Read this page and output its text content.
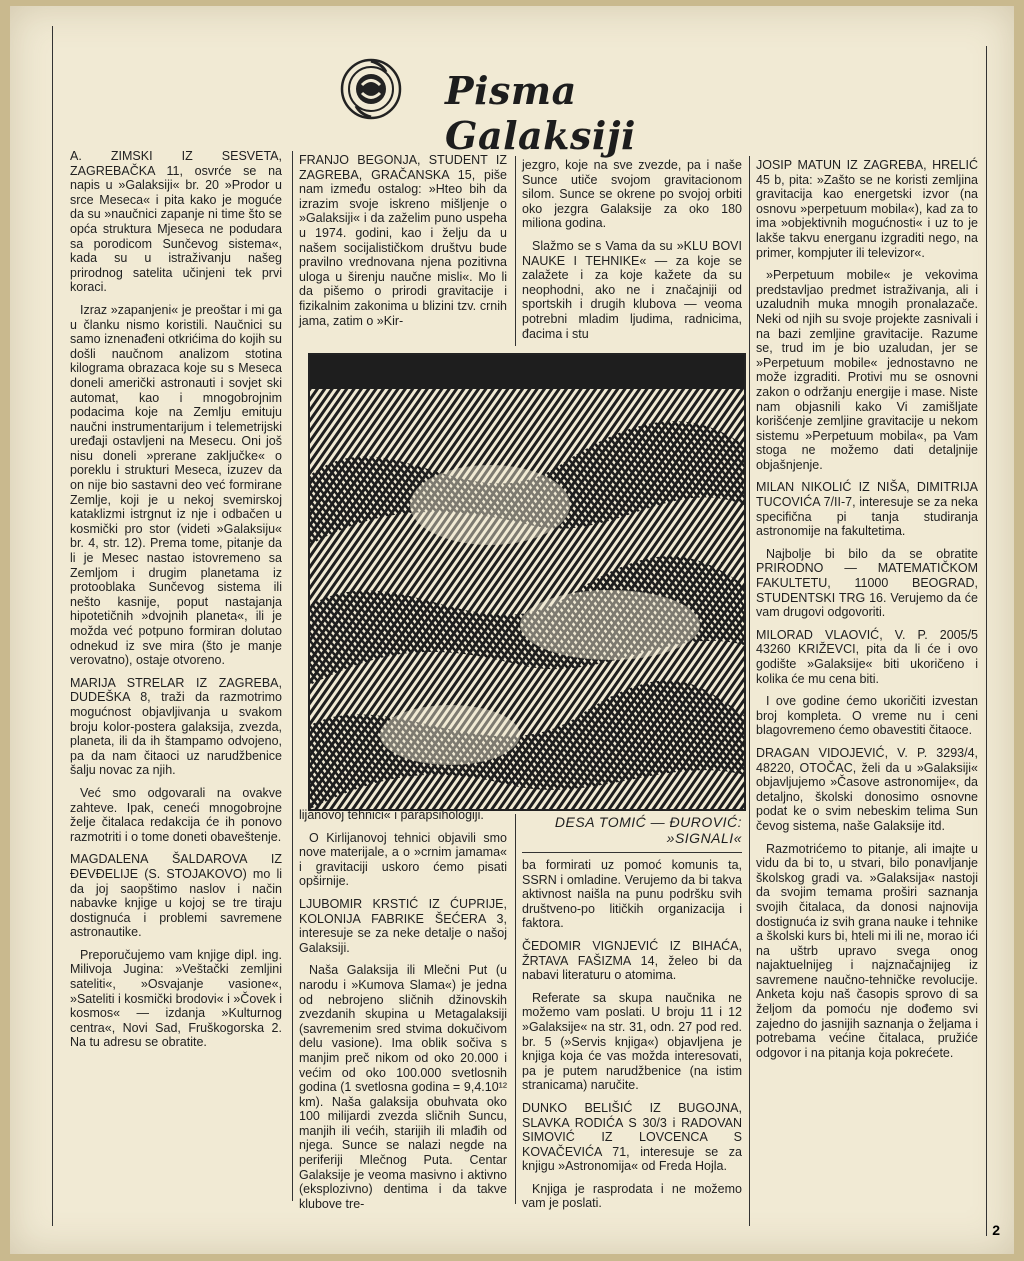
Pisma Galaksiji

A. ZIMSKI IZ SESVETA, ZAGREBAČKA 11, osvrće se na napis u »Galaksiji« br. 20 »Prodor u srce Meseca« i pita kako je moguće da su »naučnici zapanje ni time što se opća struktura Mjeseca ne podudara sa porodicom Sunčevog sistema«, kada su u istraživanju našeg prirodnog satelita učinjeni tek prvi koraci.

Izraz »zapanjeni« je preoštar i mi ga u članku nismo koristili. Naučnici su samo iznenađeni otkrićima do kojih su došli naučnom analizom stotina kilograma obrazaca koje su s Meseca doneli američki astronauti i sovjet ski automat, kao i mnogobrojnim podacima koje na Zemlju emituju naučni instrumentarijum i telemetrijski uređaji ostavljeni na Mesecu. Oni još nisu doneli »prerane zaključke« o poreklu i strukturi Meseca, izuzev da on nije bio sastavni deo već formirane Zemlje, koji je u nekoj svemirskoj kataklizmi istrgnut iz nje i odbačen u kosmički pro stor (videti »Galaksiju« br. 4, str. 12). Prema tome, pitanje da li je Mesec nastao istovremeno sa Zemljom i drugim planetama iz protooblaka Sunčevog sistema ili nešto kasnije, poput nastajanja hipotetičnih »dvojnih planeta«, ili je možda već potpuno formiran dolutao odnekud iz sve mira (što je manje verovatno), ostaje otvoreno.

MARIJA STRELAR IZ ZAGREBA, DUDEŠKA 8, traži da razmotrimo mogućnost objavljivanja u svakom broju kolor-postera galaksija, zvezda, planeta, ili da ih štampamo odvojeno, pa da nam čitaoci uz narudžbenice šalju novac za njih.

Već smo odgovarali na ovakve zahteve. Ipak, ceneći mnogobrojne želje čitalaca redakcija će ih ponovo razmotriti i o tome doneti obaveštenje.

MAGDALENA ŠALDAROVA IZ ĐEVĐELIJE (S. STOJAKOVO) mo li da joj saopštimo naslov i način nabavke knjige u kojoj se tre tiraju dostignuća i problemi savremene astronautike.

Preporučujemo vam knjige dipl. ing. Milivoja Jugina: »Veštački zemljini sateliti«, »Osvajanje vasione«, »Sateliti i kosmički brodovi« i »Čovek i kosmos« — izdanja »Kulturnog centra«, Novi Sad, Fruškogorska 2. Na tu adresu se obratite.

FRANJO BEGONJA, STUDENT IZ ZAGREBA, GRAČANSKA 15, piše nam između ostalog: »Hteo bih da izrazim svoje iskreno mišljenje o »Galaksiji« i da zaželim puno uspeha u 1974. godini, kao i želju da u našem socijalističkom društvu bude pravilno vrednovana njena pozitivna uloga u širenju naučne misli«. Mo li da pišemo o prirodi gravitacije i fizikalnim zakonima u blizini tzv. crnih jama, zatim o »Kir-

jezgro, koje na sve zvezde, pa i naše Sunce utiče svojom gravitacionom silom. Sunce se okrene po svojoj orbiti oko jezgra Galaksije za oko 180 miliona godina.

Slažmo se s Vama da su »KLU BOVI NAUKE I TEHNIKE« — za koje se zalažete i za koje kažete da su neophodni, ako ne i značajniji od sportskih i drugih klubova — veoma potrebni mladim ljudima, radnicima, đacima i stu

lijanovoj tehnici« i parapsihologiji.

O Kirlijanovoj tehnici objavili smo nove materijale, a o »crnim jamama« i gravitaciji uskoro ćemo pisati opširnije.

LJUBOMIR KRSTIĆ IZ ĆUPRIJE, KOLONIJA FABRIKE ŠEĆERA 3, interesuje se za neke detalje o našoj Galaksiji.

Naša Galaksija ili Mlečni Put (u narodu i »Kumova Slama«) je jedna od nebrojeno sličnih džinovskih zvezdanih skupina u Metagalaksiji (savremenim sred stvima dokučivom delu vasione). Ima oblik sočiva s manjim preč nikom od oko 20.000 i većim od oko 100.000 svetlosnih godina (1 svetlosna godina = 9,4.10¹² km). Naša galaksija obuhvata oko 100 milijardi zvezda sličnih Suncu, manjih ili većih, starijih ili mlađih od njega. Sunce se nalazi negde na periferiji Mlečnog Puta. Centar Galaksije je veoma masivno i aktivno (eksplozivno) dentima i da takve klubove tre-

DESA TOMIĆ — ĐUROVIĆ: »SIGNALI«

ba formirati uz pomoć komunis ta, SSRN i omladine. Verujemo da bi takva aktivnost naišla na punu podršku svih društveno-po litičkih organizacija i faktora.

ČEDOMIR VIGNJEVIĆ IZ BIHAĆA, ŽRTAVA FAŠIZMA 14, želeo bi da nabavi literaturu o atomima.

Referate sa skupa naučnika ne možemo vam poslati. U broju 11 i 12 »Galaksije« na str. 31, odn. 27 pod red. br. 5 (»Servis knjiga«) objavljena je knjiga koja će vas možda interesovati, pa je putem narudžbenice (na istim stranicama) naručite.

DUNKO BELIŠIĆ IZ BUGOJNA, SLAVKA RODIĆA S 30/3 i RADOVAN SIMOVIĆ IZ LOVCENCA S KOVAČEVIĆA 71, interesuje se za knjigu »Astronomija« od Freda Hojla.

Knjiga je rasprodata i ne možemo vam je poslati.

JOSIP MATUN IZ ZAGREBA, HRELIĆ 45 b, pita: »Zašto se ne koristi zemljina gravitacija kao energetski izvor (na osnovu »perpetuum mobila«), kad za to ima »objektivnih mogućnosti« i uz to je lakše takvu energanu izgraditi nego, na primer, kompjuter ili televizor«.

»Perpetuum mobile« je vekovima predstavljao predmet istraživanja, ali i uzaludnih muka mnogih pronalazače. Neki od njih su svoje projekte zasnivali i na bazi zemljine gravitacije. Razume se, trud im je bio uzaludan, jer se »Perpetuum mobile« jednostavno ne može izgraditi. Protivi mu se osnovni zakon o održanju energije i mase. Niste nam objasnili kako Vi zamišljate korišćenje zemljine gravitacije u nekom sistemu »Perpetuum mobila«, pa Vam stoga ne možemo dati detaljnije objašnjenje.

MILAN NIKOLIĆ IZ NIŠA, DIMITRIJA TUCOVIĆA 7/II-7, interesuje se za neka specifična pi tanja studiranja astronomije na fakultetima.

Najbolje bi bilo da se obratite PRIRODNO — MATEMATIČKOM FAKULTETU, 11000 BEOGRAD, STUDENTSKI TRG 16. Verujemo da će vam drugovi odgovoriti.

MILORAD VLAOVIĆ, V. P. 2005/5 43260 KRIŽEVCI, pita da li će i ovo godište »Galaksije« biti ukoričeno i kolika će mu cena biti.

I ove godine ćemo ukoričiti izvestan broj kompleta. O vreme nu i ceni blagovremeno ćemo obavestiti čitaoce.

DRAGAN VIDOJEVIĆ, V. P. 3293/4, 48220, OTOČAC, želi da u »Galaksiji« objavljujemo »Časove astronomije«, da detaljno, školski donosimo osnovne podat ke o svim nebeskim telima Sun čevog sistema, naše Galaksije itd.

Razmotrićemo to pitanje, ali imajte u vidu da bi to, u stvari, bilo ponavljanje školskog gradi va. »Galaksija« nastoji da svojim temama proširi saznanja svojih čitalaca, da donosi najnovija dostignuća iz svih grana nauke i tehnike a školski kurs bi, hteli mi ili ne, morao ići na uštrb upravo svega onog najaktuelnijeg i najznačajnijeg iz savremene naučno-tehničke revolucije. Anketa koju naš časopis sprovo di sa željom da pomoću nje dođemo svi zajedno do jasnijih saznanja o željama i potrebama većine čitalaca, pružiće odgovor i na pitanja koja pokrećete.

2
